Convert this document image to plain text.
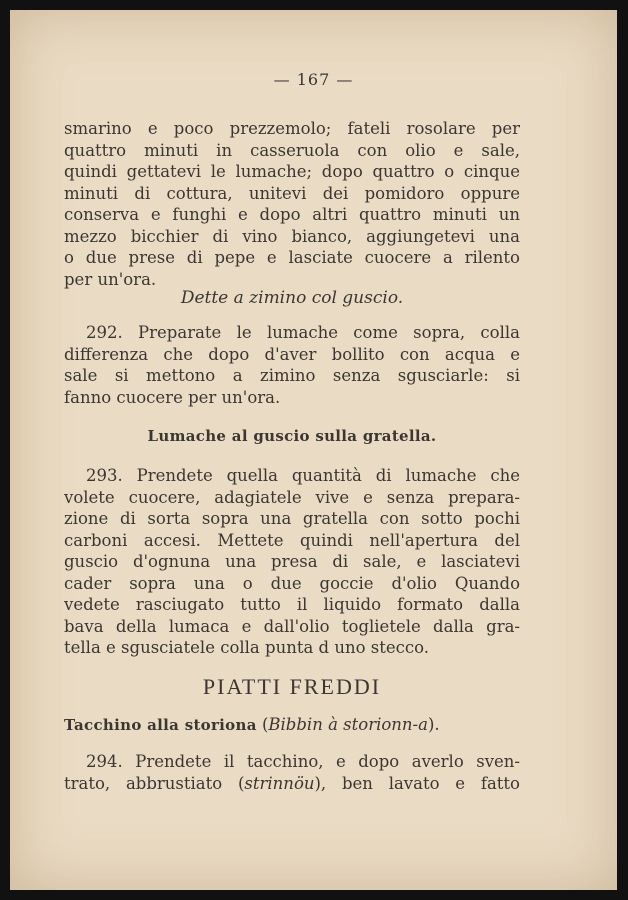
— 167 —
smarino e poco prezzemolo; fateli rosolare per
quattro minuti in casseruola con olio e sale,
quindi gettatevi le lumache; dopo quattro o cinque
minuti di cottura, unitevi dei pomidoro oppure
conserva e funghi e dopo altri quattro minuti un
mezzo bicchier di vino bianco, aggiungetevi una
o due prese di pepe e lasciate cuocere a rilento
per un'ora.
Dette a zimino col guscio.
292. Preparate le lumache come sopra, colla
differenza che dopo d'aver bollito con acqua e
sale si mettono a zimino senza sgusciarle: si
fanno cuocere per un'ora.
Lumache al guscio sulla gratella.
293. Prendete quella quantità di lumache che
volete cuocere, adagiatele vive e senza prepara-
zione di sorta sopra una gratella con sotto pochi
carboni accesi. Mettete quindi nell'apertura del
guscio d'ognuna una presa di sale, e lasciatevi
cader sopra una o due goccie d'olio Quando
vedete rasciugato tutto il liquido formato dalla
bava della lumaca e dall'olio toglietele dalla gra-
tella e sgusciatele colla punta d uno stecco.
PIATTI FREDDI
Tacchino alla storiona (Bibbin à storionn-a).
294. Prendete il tacchino, e dopo averlo sven-
trato, abbrustiato (strinnöu), ben lavato e fatto
